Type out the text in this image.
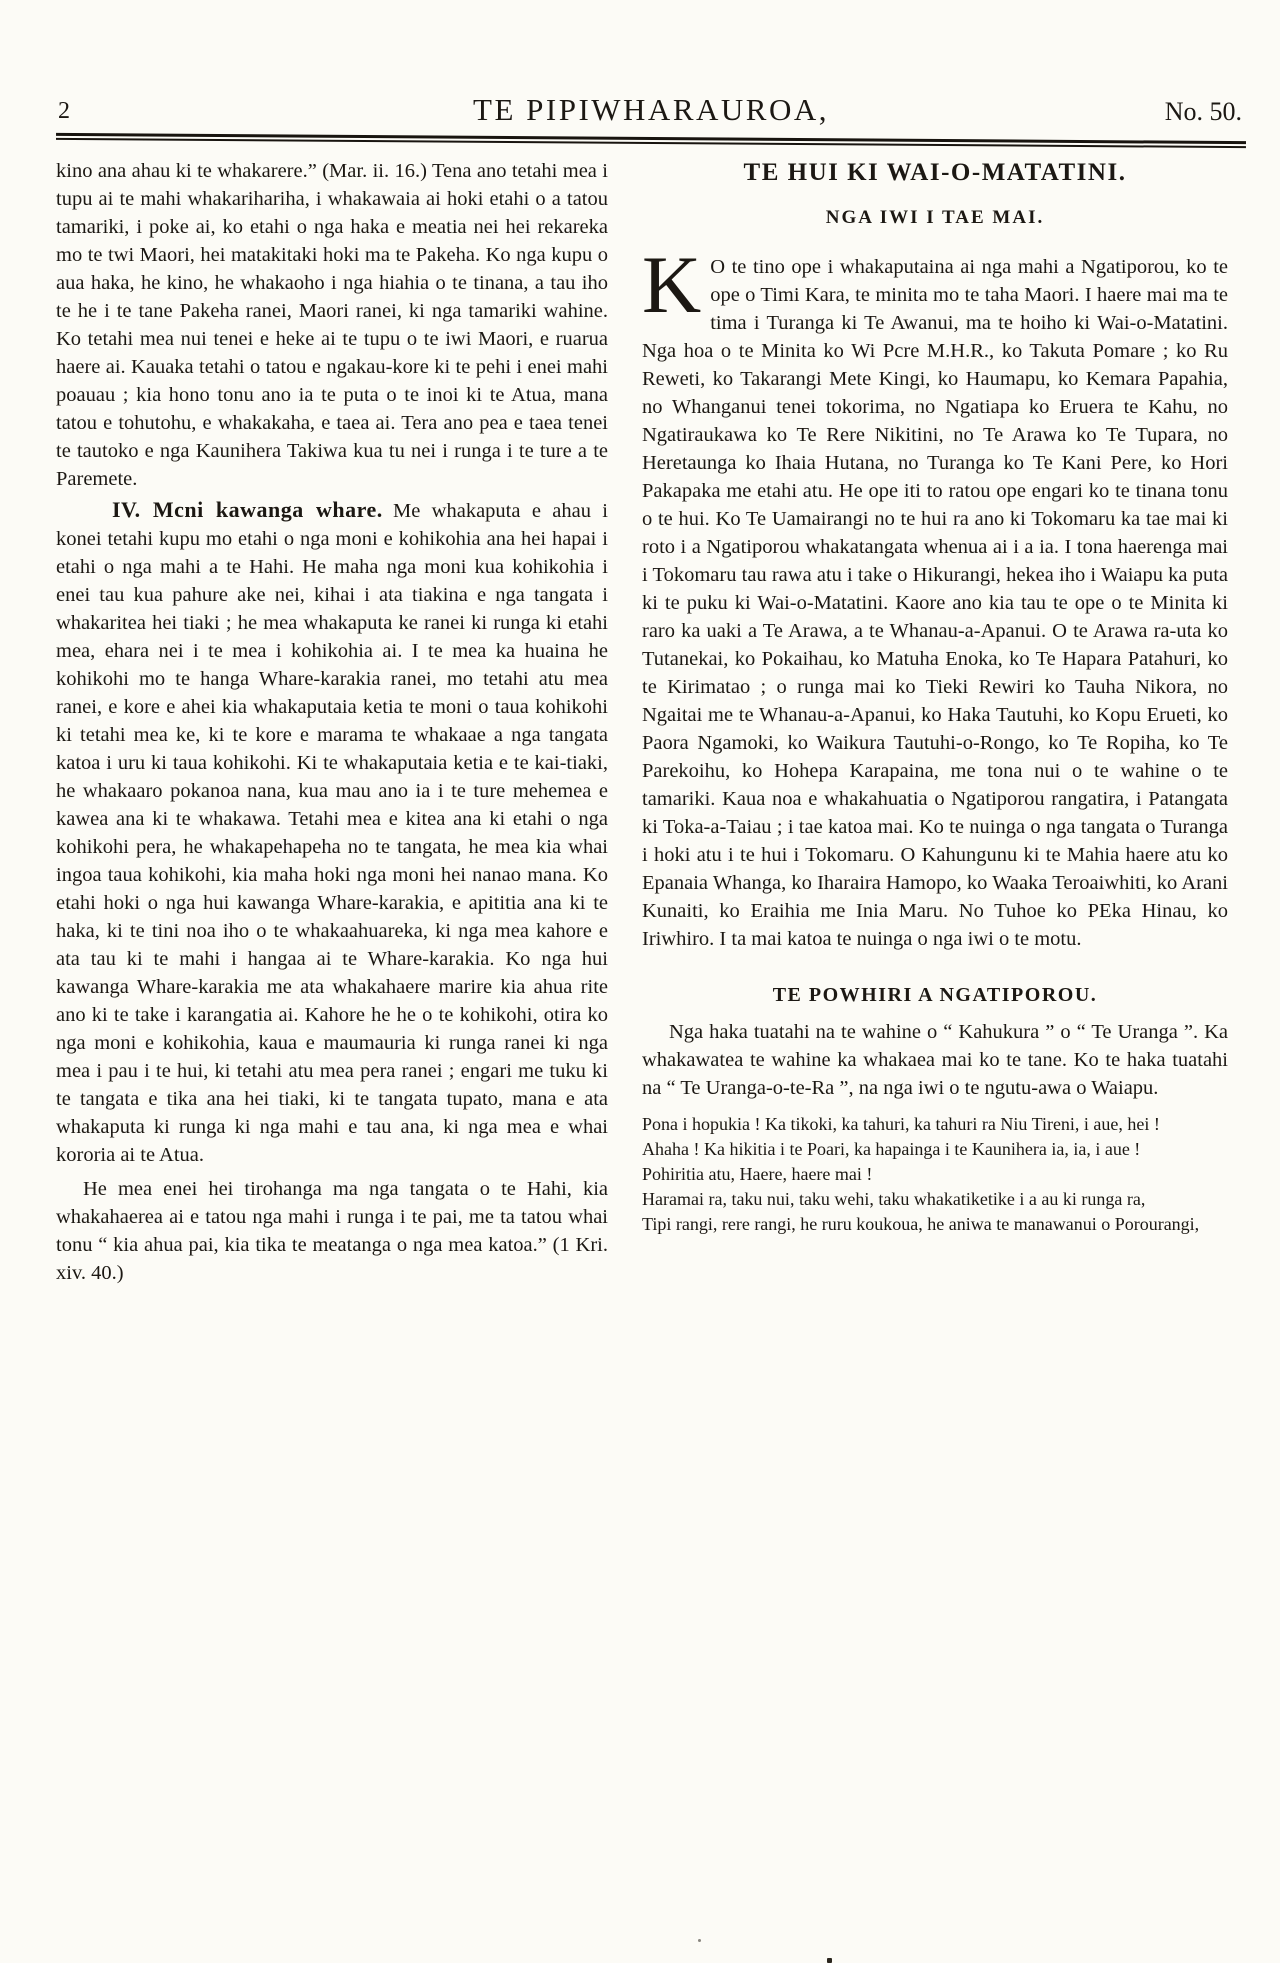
2	TE PIPIWHARAUROA,	No. 50.

kino ana ahau ki te whakarere.” (Mar. ii. 16.) Tena ano tetahi mea i tupu ai te mahi whakarihariha, i whakawaia ai hoki etahi o a tatou tamariki, i poke ai, ko etahi o nga haka e meatia nei hei rekareka mo te twi Maori, hei matakitaki hoki ma te Pakeha. Ko nga kupu o aua haka, he kino, he whakaoho i nga hiahia o te tinana, a tau iho te he i te tane Pakeha ranei, Maori ranei, ki nga tamariki wahine. Ko tetahi mea nui tenei e heke ai te tupu o te iwi Maori, e ruarua haere ai. Kauaka tetahi o tatou e ngakau-kore ki te pehi i enei mahi poauau ; kia hono tonu ano ia te puta o te inoi ki te Atua, mana tatou e tohutohu, e whakakaha, e taea ai. Tera ano pea e taea tenei te tautoko e nga Kaunihera Takiwa kua tu nei i runga i te ture a te Paremete.

IV. Mcni kawanga whare.  Me whakaputa e ahau i konei tetahi kupu mo etahi o nga moni e kohikohia ana hei hapai i etahi o nga mahi a te Hahi. He maha nga moni kua kohikohia i enei tau kua pahure ake nei, kihai i ata tiakina e nga tangata i whakaritea hei tiaki ; he mea whakaputa ke ranei ki runga ki etahi mea, ehara nei i te mea i kohikohia ai. I te mea ka huaina he kohikohi mo te hanga Whare-karakia ranei, mo tetahi atu mea ranei, e kore e ahei kia whakaputaia ketia te moni o taua kohikohi ki tetahi mea ke, ki te kore e marama te whakaae a nga tangata katoa i uru ki taua kohikohi. Ki te whakaputaia ketia e te kai-tiaki, he whakaaro pokanoa nana, kua mau ano ia i te ture mehemea e kawea ana ki te whakawa. Tetahi mea e kitea ana ki etahi o nga kohikohi pera, he whakapehapeha no te tangata, he mea kia whai ingoa taua kohikohi, kia maha hoki nga moni hei nanao mana. Ko etahi hoki o nga hui kawanga Whare-karakia, e apititia ana ki te haka, ki te tini noa iho o te whakaahuareka, ki nga mea kahore e ata tau ki te mahi i hangaa ai te Whare-karakia. Ko nga hui kawanga Whare-karakia me ata whakahaere marire kia ahua rite ano ki te take i karangatia ai. Kahore he he o te kohikohi, otira ko nga moni e kohikohia, kaua e maumauria ki runga ranei ki nga mea i pau i te hui, ki tetahi atu mea pera ranei ; engari me tuku ki te tangata e tika ana hei tiaki, ki te tangata tupato, mana e ata whakaputa ki runga ki nga mahi e tau ana, ki nga mea e whai kororia ai te Atua.

He mea enei hei tirohanga ma nga tangata o te Hahi, kia whakahaerea ai e tatou nga mahi i runga i te pai, me ta tatou whai tonu “ kia ahua pai, kia tika te meatanga o nga mea katoa.” (1 Kri. xiv. 40.)

TE HUI KI WAI-O-MATATINI.
NGA IWI I TAE MAI.

K O te tino ope i whakaputaina ai nga mahi a Ngatiporou, ko te ope o Timi Kara, te minita mo te taha Maori. I haere mai ma te tima i Turanga ki Te Awanui, ma te hoiho ki Wai-o-Matatini. Nga hoa o te Minita ko Wi Pcre M.H.R., ko Takuta Pomare ; ko Ru Reweti, ko Takarangi Mete Kingi, ko Haumapu, ko Kemara Papahia, no Whanganui tenei tokorima, no Ngatiapa ko Eruera te Kahu, no Ngatiraukawa ko Te Rere Nikitini, no Te Arawa ko Te Tupara, no Heretaunga ko Ihaia Hutana, no Turanga ko Te Kani Pere, ko Hori Pakapaka me etahi atu. He ope iti to ratou ope engari ko te tinana tonu o te hui. Ko Te Uamairangi no te hui ra ano ki Tokomaru ka tae mai ki roto i a Ngatiporou whakatangata whenua ai i a ia. I tona haerenga mai i Tokomaru tau rawa atu i take o Hikurangi, hekea iho i Waiapu ka puta ki te puku ki Wai-o-Matatini. Kaore ano kia tau te ope o te Minita ki raro ka uaki a Te Arawa, a te Whanau-a-Apanui. O te Arawa ra-uta ko Tutanekai, ko Pokaihau, ko Matuha Enoka, ko Te Hapara Patahuri, ko te Kirimatao ; o runga mai ko Tieki Rewiri ko Tauha Nikora, no Ngaitai me te Whanau-a-Apanui, ko Haka Tautuhi, ko Kopu Erueti, ko Paora Ngamoki, ko Waikura Tautuhi-o-Rongo, ko Te Ropiha, ko Te Parekoihu, ko Hohepa Karapaina, me tona nui o te wahine o te tamariki. Kaua noa e whakahuatia o Ngatiporou rangatira, i Patangata ki Toka-a-Taiau ; i tae katoa mai. Ko te nuinga o nga tangata o Turanga i hoki atu i te hui i Tokomaru. O Kahungunu ki te Mahia haere atu ko Epanaia Whanga, ko Iharaira Hamopo, ko Waaka Teroaiwhiti, ko Arani Kunaiti, ko Eraihia me Inia Maru. No Tuhoe ko PEka Hinau, ko Iriwhiro. I ta mai katoa te nuinga o nga iwi o te motu.

TE POWHIRI A NGATIPOROU.

Nga haka tuatahi na te wahine o “ Kahukura ” o “ Te Uranga ”. Ka whakawatea te wahine ka whakaea mai ko te tane. Ko te haka tuatahi na “ Te Uranga-o-te-Ra ”, na nga iwi o te ngutu-awa o Waiapu.

Pona i hopukia ! Ka tikoki, ka tahuri, ka tahuri ra Niu Tireni, i aue, hei !

Ahaha ! Ka hikitia i te Poari, ka hapainga i te Kaunihera ia, ia, i aue !

Pohiritia atu, Haere, haere mai !

Haramai ra, taku nui, taku wehi, taku whakatiketike i a au ki runga ra,

Tipi rangi, rere rangi, he ruru koukoua, he aniwa te manawanui o Porourangi,
